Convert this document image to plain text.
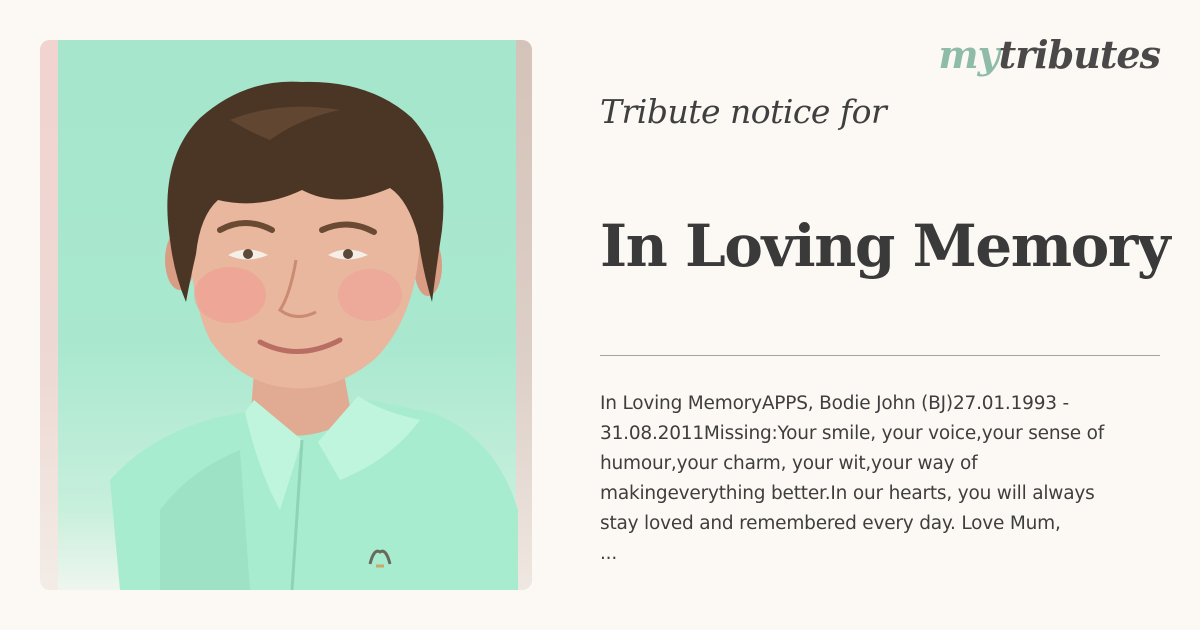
mytributes
Tribute notice for
In Loving Memory
In Loving MemoryAPPS, Bodie John (BJ)27.01.1993 -
31.08.2011Missing:Your smile, your voice,your sense of
humour,your charm, your wit,your way of
makingeverything better.In our hearts, you will always
stay loved and remembered every day. Love Mum,
...
